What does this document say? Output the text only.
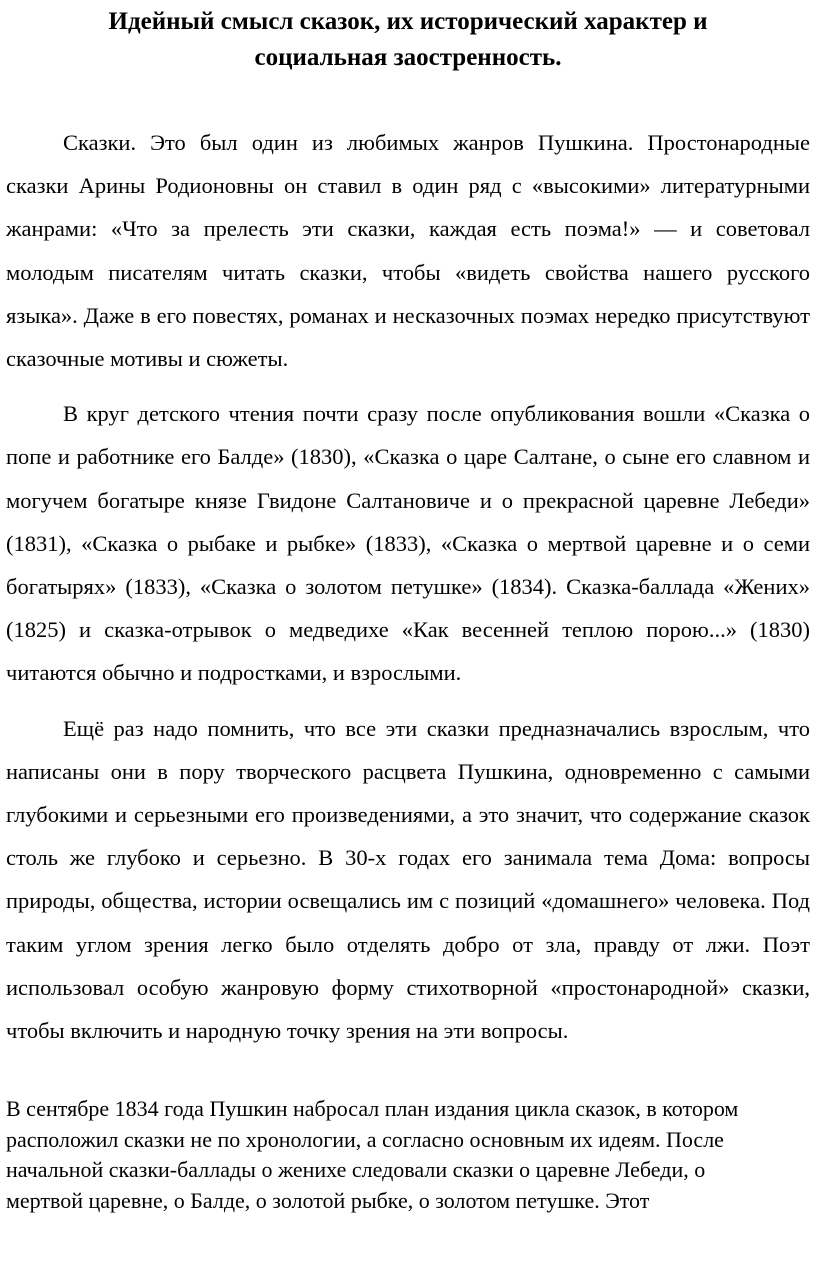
Идейный смысл сказок, их исторический характер и
социальная заостренность.

Сказки. Это был один из любимых жанров Пушкина. Простонародные сказки Арины Родионовны он ставил в один ряд с «высокими» литературными жанрами: «Что за прелесть эти сказки, каждая есть поэма!» — и советовал молодым писателям читать сказки, чтобы «видеть свойства нашего русского языка». Даже в его повестях, романах и несказочных поэмах нередко присутствуют сказочные мотивы и сюжеты.

В круг детского чтения почти сразу после опубликования вошли «Сказка о попе и работнике его Балде» (1830), «Сказка о царе Салтане, о сыне его славном и могучем богатыре князе Гвидоне Салтановиче и о прекрасной царевне Лебеди» (1831), «Сказка о рыбаке и рыбке» (1833), «Сказка о мертвой царевне и о семи богатырях» (1833), «Сказка о золотом петушке» (1834). Сказка-баллада «Жених» (1825) и сказка-отрывок о медведихе «Как весенней теплою порою...» (1830) читаются обычно и подростками, и взрослыми.

Ещё раз надо помнить, что все эти сказки предназначались взрослым, что написаны они в пору творческого расцвета Пушкина, одновременно с самыми глубокими и серьезными его произведениями, а это значит, что содержание сказок столь же глубоко и серьезно. В 30-х годах его занимала тема Дома: вопросы природы, общества, истории освещались им с позиций «домашнего» человека. Под таким углом зрения легко было отделять добро от зла, правду от лжи. Поэт использовал особую жанровую форму стихотворной «простонародной» сказки, чтобы включить и народную точку зрения на эти вопросы.

В сентябре 1834 года Пушкин набросал план издания цикла сказок, в котором расположил сказки не по хронологии, а согласно основным их идеям. После начальной сказки-баллады о женихе следовали сказки о царевне Лебеди, о мертвой царевне, о Балде, о золотой рыбке, о золотом петушке. Этот
